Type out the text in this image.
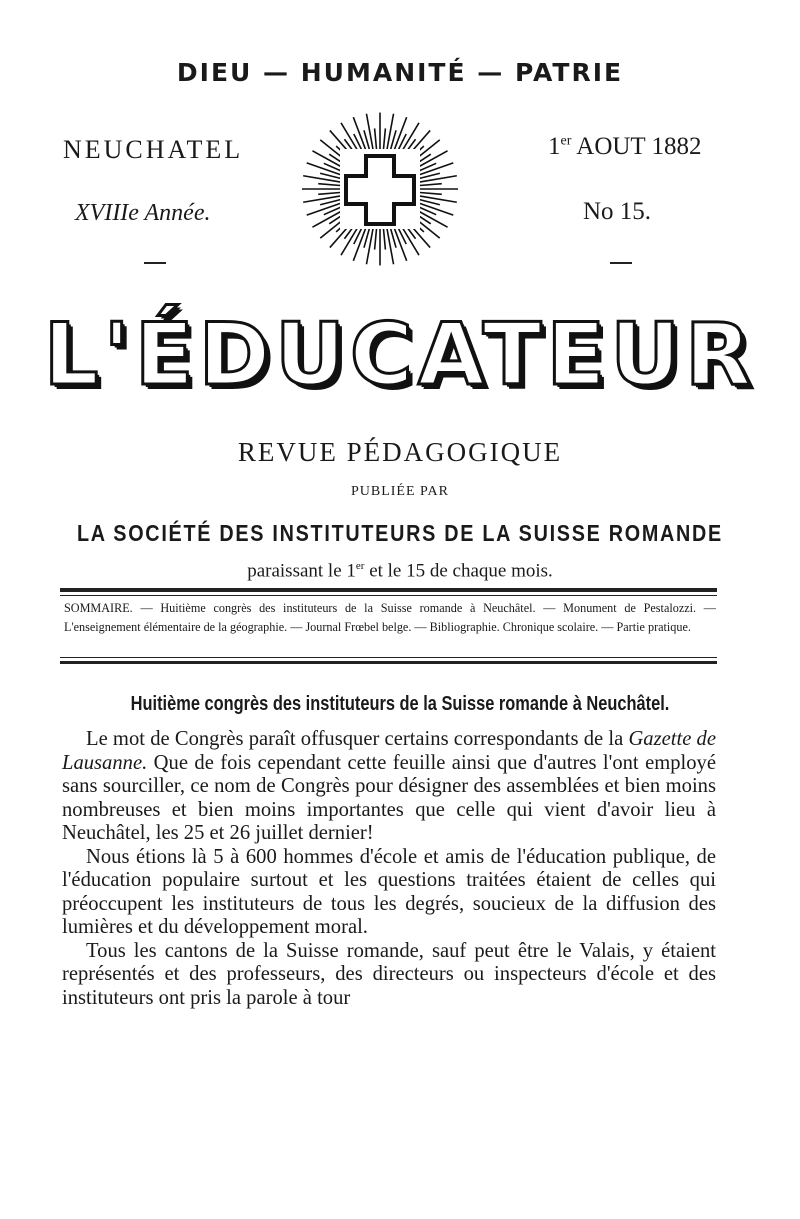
DIEU — HUMANITÉ — PATRIE
NEUCHATEL	1er AOUT 1882
XVIIIe Année.	No 15.
L'ÉDUCATEUR
REVUE PÉDAGOGIQUE
PUBLIÉE PAR
LA SOCIÉTÉ DES INSTITUTEURS DE LA SUISSE ROMANDE
paraissant le 1er et le 15 de chaque mois.
SOMMAIRE. — Huitième congrès des instituteurs de la Suisse romande à Neuchâtel. — Monument de Pestalozzi. — L'enseignement élémentaire de la géographie. — Journal Frœbel belge. — Bibliographie. Chronique scolaire. — Partie pratique.
Huitième congrès des instituteurs de la Suisse romande à Neuchâtel.

Le mot de Congrès paraît offusquer certains correspondants de la Gazette de Lausanne. Que de fois cependant cette feuille ainsi que d'autres l'ont employé sans sourciller, ce nom de Congrès pour désigner des assemblées et bien moins nombreuses et bien moins importantes que celle qui vient d'avoir lieu à Neuchâtel, les 25 et 26 juillet dernier!

Nous étions là 5 à 600 hommes d'école et amis de l'éducation publique, de l'éducation populaire surtout et les questions traitées étaient de celles qui préoccupent les instituteurs de tous les degrés, soucieux de la diffusion des lumières et du développement moral.

Tous les cantons de la Suisse romande, sauf peut être le Valais, y étaient représentés et des professeurs, des directeurs ou inspecteurs d'école et des instituteurs ont pris la parole à tour
